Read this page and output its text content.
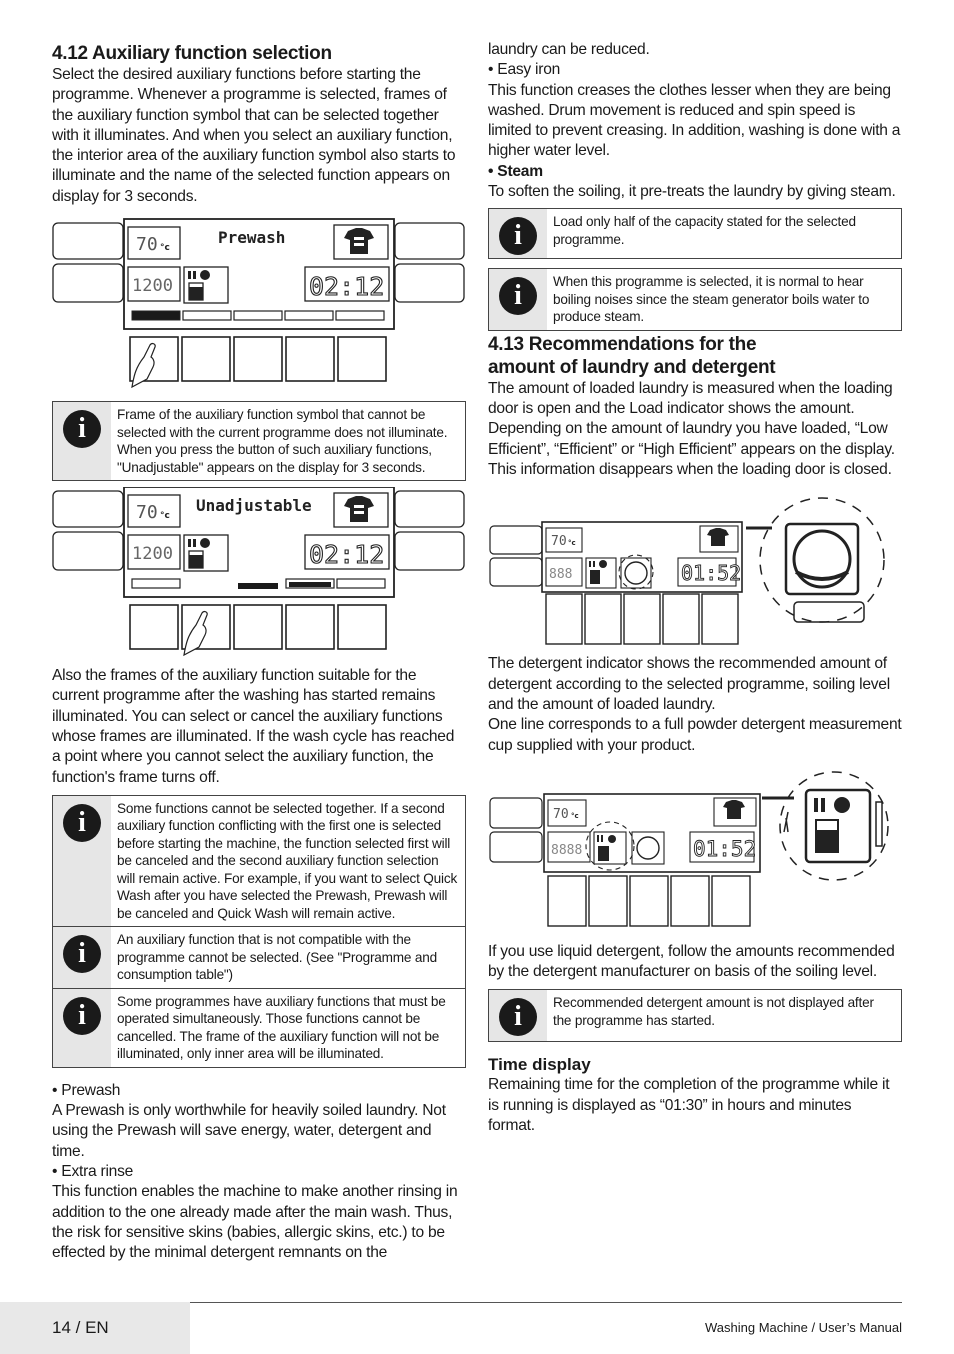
4.12 Auxiliary function selection
Select the desired auxiliary functions before starting the programme. Whenever a programme is selected, frames of the auxiliary function symbol that can be selected together with it illuminates. And when you select an auxiliary function, the interior area of the auxiliary function symbol also starts to illuminate and the name of the selected function appears on display for 3 seconds.
70 °c
Prewash
1200	02:12
i	Frame of the auxiliary function symbol that cannot be selected with the current programme does not illuminate. When you press the button of such auxiliary functions, "Unadjustable" appears on the display for 3 seconds.
70 °c
Unadjustable
1200	02:12
Also the frames of the auxiliary function suitable for the current programme after the washing has started remains illuminated. You can select or cancel the auxiliary functions whose frames are illuminated. If the wash cycle has reached a point where you cannot select the auxiliary function, the function's frame turns off.
i	Some functions cannot be selected together. If a second auxiliary function conflicting with the first one is selected before starting the machine, the function selected first will be canceled and the second auxiliary function selection will remain active. For example, if you want to select Quick Wash after you have selected the Prewash, Prewash will be canceled and Quick Wash will remain active.
i	An auxiliary function that is not compatible with the programme cannot be selected. (See "Programme and consumption table")
i	Some programmes have auxiliary functions that must be operated simultaneously. Those functions cannot be cancelled. The frame of the auxiliary function will not be illuminated, only inner area will be illuminated.
• Prewash
A Prewash is only worthwhile for heavily soiled laundry. Not using the Prewash will save energy, water, detergent and time.
• Extra rinse
This function enables the machine to make another rinsing in addition to the one already made after the main wash. Thus, the risk for sensitive skins (babies, allergic skins, etc.) to be effected by the minimal detergent remnants on the
laundry can be reduced.
• Easy iron
This function creases the clothes lesser when they are being washed. Drum movement is reduced and spin speed is limited to prevent creasing. In addition, washing is done with a higher water level.
• Steam
To soften the soiling, it pre-treats the laundry by giving steam.
i	Load only half of the capacity stated for the selected programme.
i	When this programme is selected, it is normal to hear boiling noises since the steam generator boils water to produce steam.
4.13 Recommendations for the
amount of laundry and detergent
The amount of loaded laundry is measured when the loading door is open and the Load indicator shows the amount. Depending on the amount of laundry you have loaded, “Low Efficient”, “Efficient” or “High Efficient” appears on the display.
This information disappears when the loading door is closed.
70 °c
888	01:52
The detergent indicator shows the recommended amount of detergent according to the selected programme, soiling level and the amount of loaded laundry.
One line corresponds to a full powder detergent measurement cup supplied with your product.
70 °c
8888	01:52
If you use liquid detergent, follow the amounts recommended by the detergent manufacturer on basis of the soiling level.
i	Recommended detergent amount is not displayed after the programme has started.
Time display
Remaining time for the completion of the programme while it is running is displayed as “01:30” in hours and minutes format.
14 / EN	Washing Machine / User’s Manual
